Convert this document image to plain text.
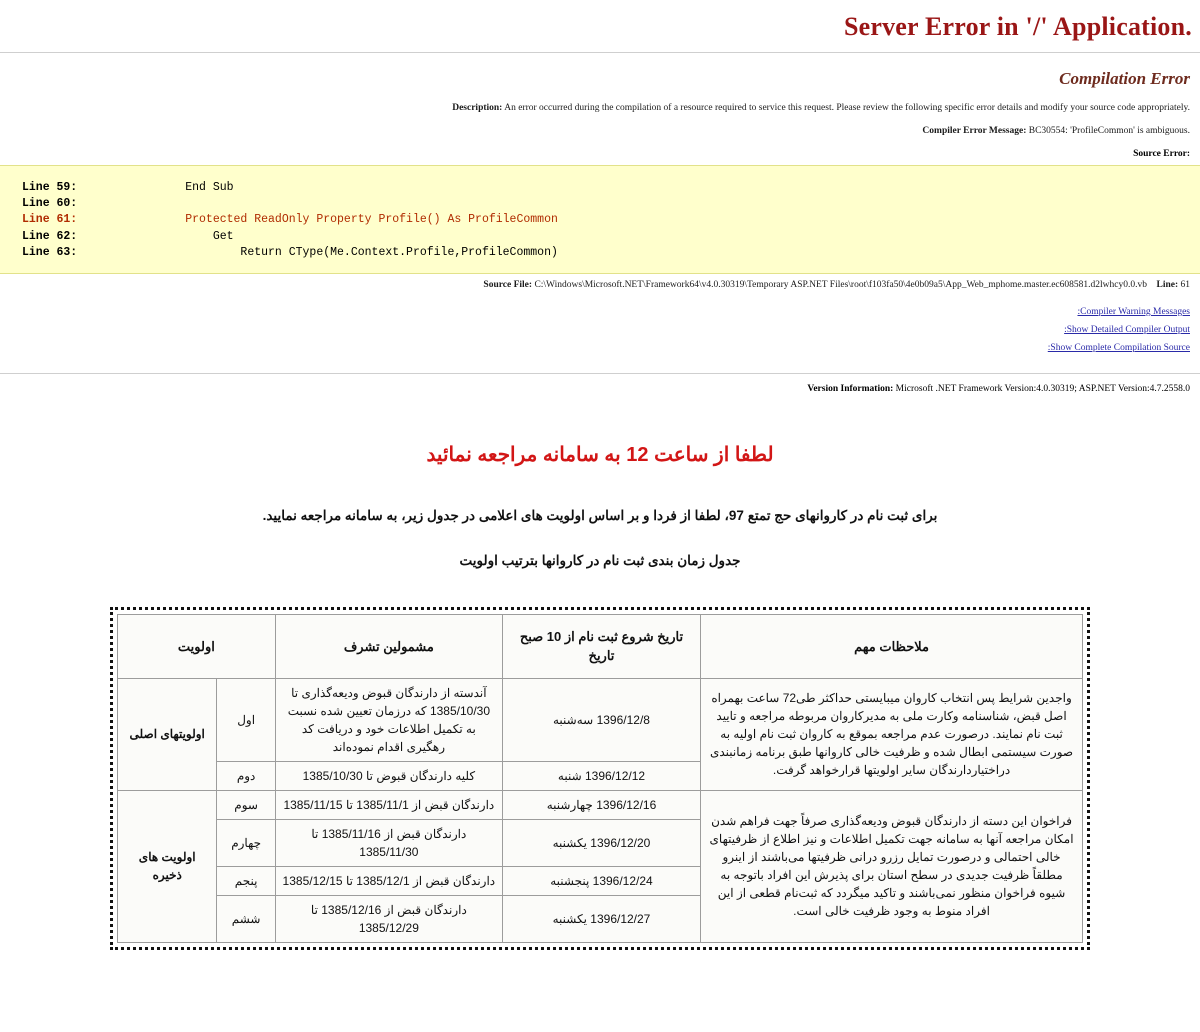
.Server Error in '/' Application
Compilation Error
Description: An error occurred during the compilation of a resource required to service this request. Please review the following specific error details and modify your source code appropriately.
Compiler Error Message: BC30554: 'ProfileCommon' is ambiguous.
:Source Error
Line 59:	End Sub
Line 60:
Line 61:	Protected ReadOnly Property Profile() As ProfileCommon
Line 62:	Get
Line 63:	Return CType(Me.Context.Profile,ProfileCommon)
Source File: C:\Windows\Microsoft.NET\Framework64\v4.0.30319\Temporary ASP.NET Files\root\f103fa50\4e0b09a5\App_Web_mphome.master.ec608581.d2lwhcy0.0.vb Line: 61
:Compiler Warning Messages
:Show Detailed Compiler Output
:Show Complete Compilation Source
Version Information: Microsoft .NET Framework Version:4.0.30319; ASP.NET Version:4.7.2558.0
لطفا از ساعت 12 به سامانه مراجعه نمائید
برای ثبت نام در کاروانهای حج تمتع 97، لطفا از فردا و بر اساس اولویت های اعلامی در جدول زیر، به سامانه مراجعه نمایید.
جدول زمان بندی ثبت نام در کاروانها بترتیب اولویت
ملاحظات مهم	تاریخ شروع ثبت نام از 10 صبح تاریخ	مشمولین تشرف	اولویت	
واجدین شرایط پس انتخاب کاروان میبایستی حداکثر طی72 ساعت بهمراه اصل قبض، شناسنامه وکارت ملی به مدیرکاروان مربوطه مراجعه و تایید ثبت نام نمایند. درصورت عدم مراجعه بموقع به کاروان ثبت نام اولیه به صورت سیستمی ابطال شده و ظرفیت خالی کاروانها طبق برنامه زمانبندی دراختیاردارندگان سایر اولویتها قرارخواهد گرفت.	1396/12/8 سه‌شنبه	آندسته از دارندگان قبوض ودیعه‌گذاری تا 1385/10/30 که درزمان تعیین شده نسبت به تکمیل اطلاعات خود و دریافت کد رهگیری اقدام نموده‌اند	اول	اولویتهای اصلی
	1396/12/12 شنبه	کلیه دارندگان قبوض تا 1385/10/30	دوم	
فراخوان این دسته از دارندگان قبوض ودیعه‌گذاری صرفاً جهت فراهم شدن امکان مراجعه آنها به سامانه جهت تکمیل اطلاعات و نیز اطلاع از ظرفیتهای خالی احتمالی و درصورت تمایل رزرو درانی ظرفیتها می‌باشند از اینرو مطلقاً ظرفیت جدیدی در سطح استان برای پذیرش این افراد باتوجه به شیوه فراخوان منظور نمی‌باشند و تاکید میگردد که ثبت‌نام قطعی از این افراد منوط به وجود ظرفیت خالی است.	1396/12/16 چهارشنبه	دارندگان قبض از 1385/11/1 تا 1385/11/15	سوم	اولویت های ذخیره
	1396/12/20 یکشنبه	دارندگان قبض از 1385/11/16 تا 1385/11/30	چهارم	
	1396/12/24 پنجشنبه	دارندگان قبض از 1385/12/1 تا 1385/12/15	پنجم	
	1396/12/27 یکشنبه	دارندگان قبض از 1385/12/16 تا 1385/12/29	ششم	
